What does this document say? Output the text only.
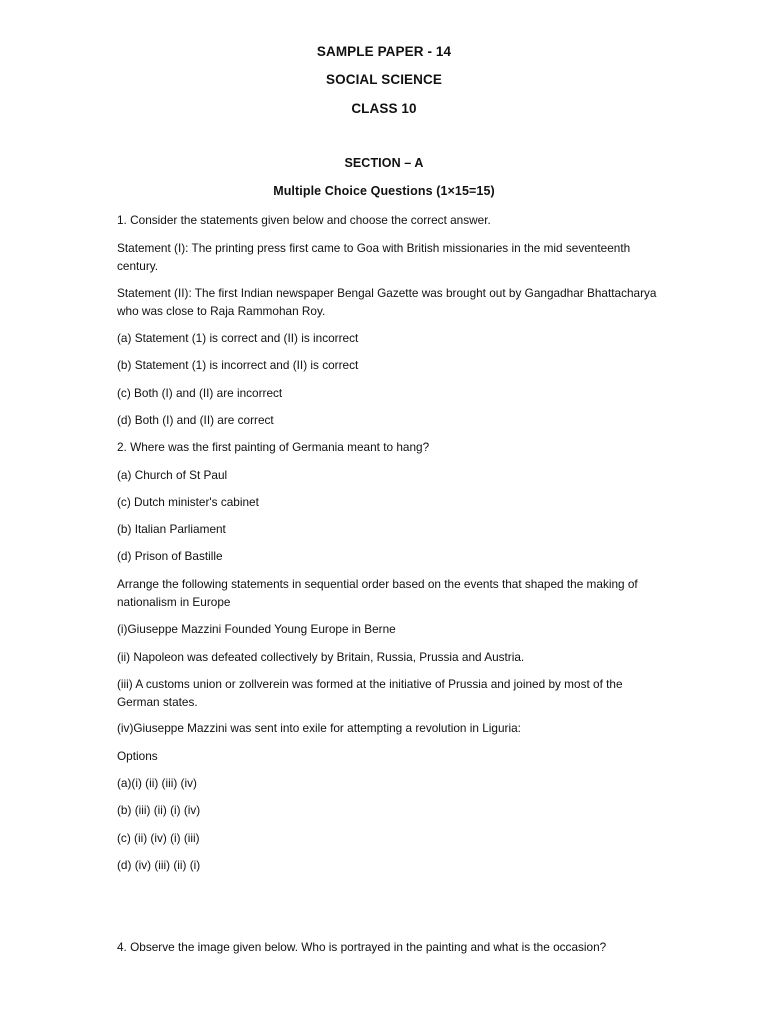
SAMPLE PAPER - 14
SOCIAL SCIENCE
CLASS 10
SECTION – A
Multiple Choice Questions (1×15=15)
1. Consider the statements given below and choose the correct answer.
Statement (I): The printing press first came to Goa with British missionaries in the mid seventeenth century.
Statement (II): The first Indian newspaper Bengal Gazette was brought out by Gangadhar Bhattacharya who was close to Raja Rammohan Roy.
(a) Statement (1) is correct and (II) is incorrect
(b) Statement (1) is incorrect and (II) is correct
(c) Both (I) and (II) are incorrect
(d) Both (I) and (II) are correct
2. Where was the first painting of Germania meant to hang?
(a) Church of St Paul
(c) Dutch minister's cabinet
(b) Italian Parliament
(d) Prison of Bastille
Arrange the following statements in sequential order based on the events that shaped the making of nationalism in Europe
(i)Giuseppe Mazzini Founded Young Europe in Berne
(ii) Napoleon was defeated collectively by Britain, Russia, Prussia and Austria.
(iii) A customs union or zollverein was formed at the initiative of Prussia and joined by most of the German states.
(iv)Giuseppe Mazzini was sent into exile for attempting a revolution in Liguria:
Options
(a)(i) (ii) (iii) (iv)
(b) (iii) (ii) (i) (iv)
(c) (ii) (iv) (i) (iii)
(d) (iv) (iii) (ii) (i)
4. Observe the image given below. Who is portrayed in the painting and what is the occasion?
